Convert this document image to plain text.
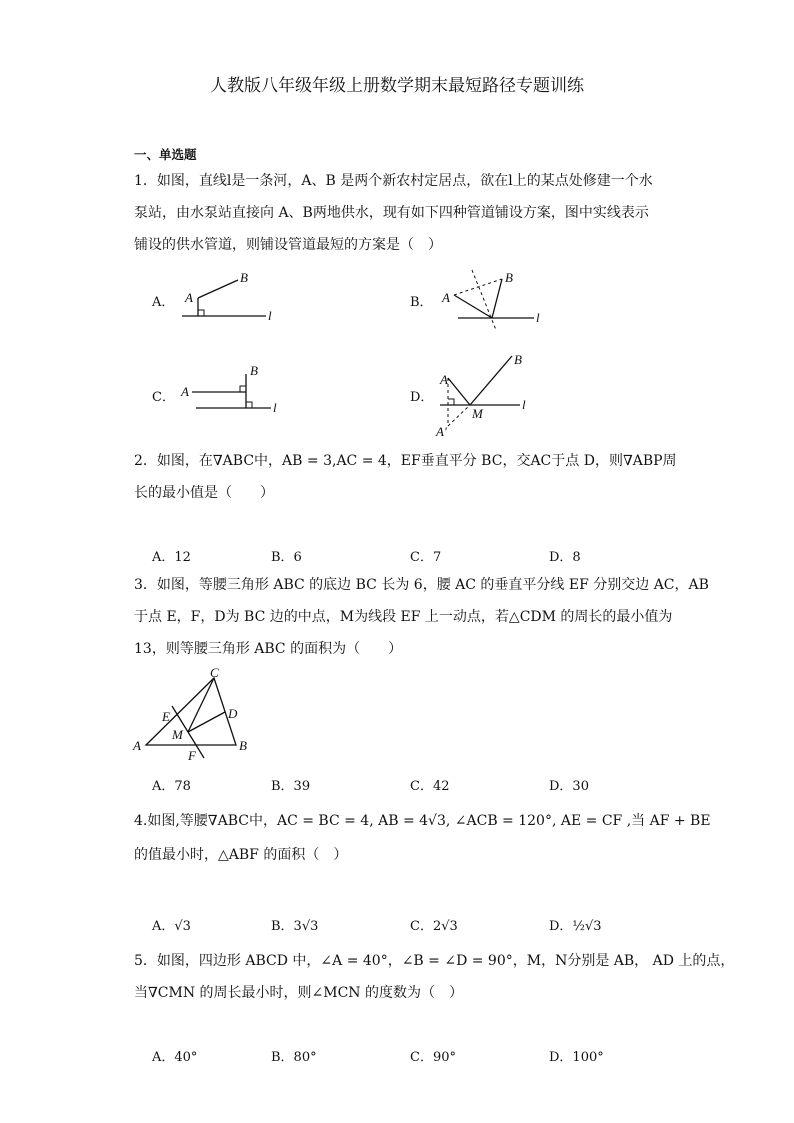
人教版八年级年级上册数学期末最短路径专题训练
一、单选题
1．如图，直线l是一条河，A、B 是两个新农村定居点，欲在l上的某点处修建一个水
泵站，由水泵站直接向 A、B两地供水，现有如下四种管道铺设方案，图中实线表示
铺设的供水管道，则铺设管道最短的方案是（　）
A．	B．
C．	D．
A
B
l
A
B
l
A
B
l
A
B
M
A′
l
2．如图，在∇ABC中，AB = 3,AC = 4，EF垂直平分 BC，交AC于点 D，则∇ABP周
长的最小值是（　　）
A．12	B．6	C．7	D．8
3．如图，等腰三角形 ABC 的底边 BC 长为 6，腰 AC 的垂直平分线 EF 分别交边 AC，AB
于点 E，F，D为 BC 边的中点，M为线段 EF 上一动点，若△CDM 的周长的最小值为
13，则等腰三角形 ABC 的面积为（　　）
C
A	B
D
E
M
F
A．78	B．39	C．42	D．30
4.如图,等腰∇ABC中，AC = BC = 4, AB = 4√3, ∠ACB = 120°, AE = CF ,当 AF + BE
的值最小时，△ABF 的面积（　）
A．√3	B．3√3	C．2√3	D．½√3
5．如图，四边形 ABCD 中，∠A = 40°，∠B = ∠D = 90°，M，N分别是 AB， AD 上的点，
当∇CMN 的周长最小时，则∠MCN 的度数为（　）
A．40°	B．80°	C．90°	D．100°
